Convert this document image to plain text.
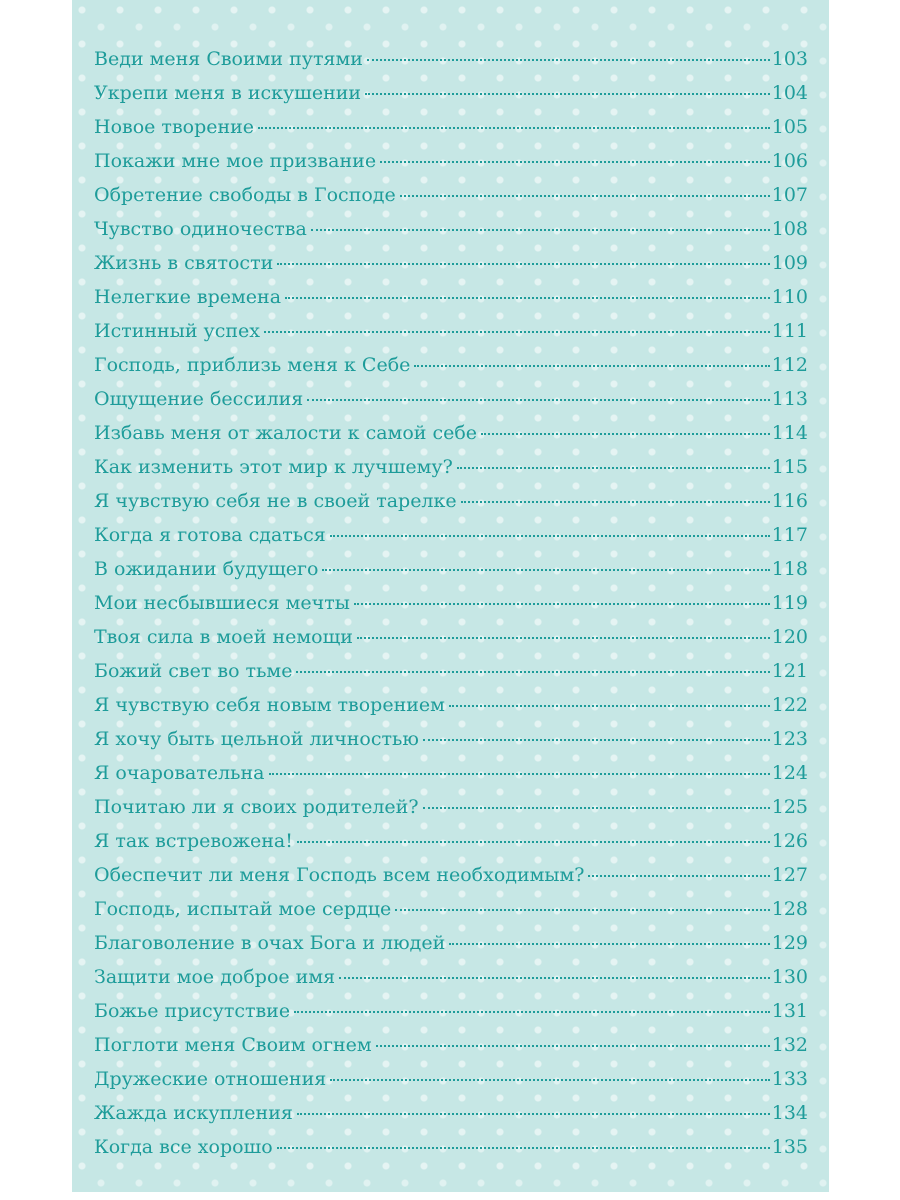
Веди меня Своими путями	103
Укрепи меня в искушении	104
Новое творение	105
Покажи мне мое призвание	106
Обретение свободы в Господе	107
Чувство одиночества	108
Жизнь в святости	109
Нелегкие времена	110
Истинный успех	111
Господь, приблизь меня к Себе	112
Ощущение бессилия	113
Избавь меня от жалости к самой себе	114
Как изменить этот мир к лучшему?	115
Я чувствую себя не в своей тарелке	116
Когда я готова сдаться	117
В ожидании будущего	118
Мои несбывшиеся мечты	119
Твоя сила в моей немощи	120
Божий свет во тьме	121
Я чувствую себя новым творением	122
Я хочу быть цельной личностью	123
Я очаровательна	124
Почитаю ли я своих родителей?	125
Я так встревожена!	126
Обеспечит ли меня Господь всем необходимым?	127
Господь, испытай мое сердце	128
Благоволение в очах Бога и людей	129
Защити мое доброе имя	130
Божье присутствие	131
Поглоти меня Своим огнем	132
Дружеские отношения	133
Жажда искупления	134
Когда все хорошо	135
